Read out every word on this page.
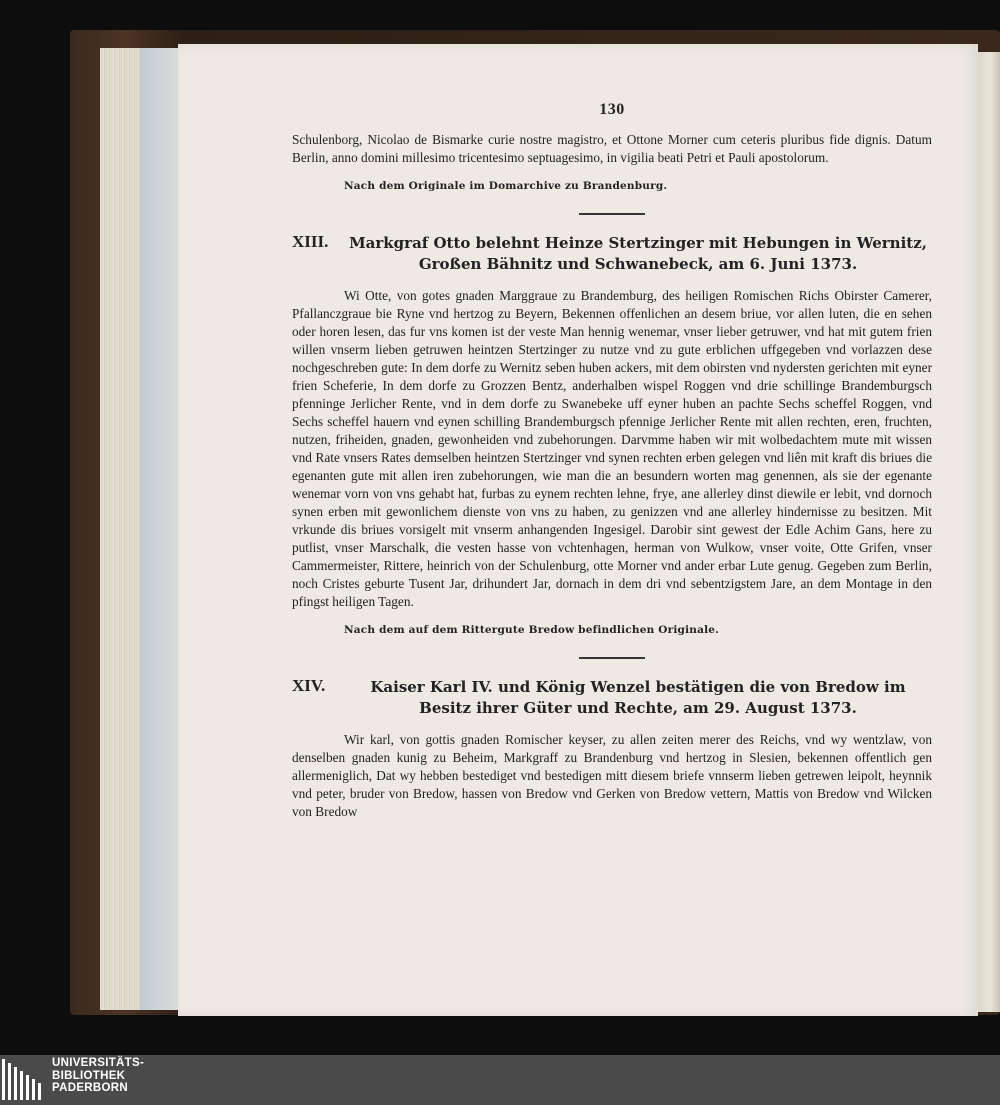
130

Schulenborg, Nicolao de Bismarke curie nostre magistro, et Ottone Morner cum ceteris pluribus fide dignis. Datum Berlin, anno domini millesimo tricentesimo septuagesimo, in vigilia beati Petri et Pauli apostolorum.

Nach dem Originale im Domarchive zu Brandenburg.
XIII.	Markgraf Otto belehnt Heinze Stertzinger mit Hebungen in Wernitz, Großen Bähnitz und Schwanebeck, am 6. Juni 1373.

Wi Otte, von gotes gnaden Marggraue zu Brandemburg, des heiligen Romischen Richs Obirster Camerer, Pfallanczgraue bie Ryne vnd hertzog zu Beyern, Bekennen offenlichen an desem briue, vor allen luten, die en sehen oder horen lesen, das fur vns komen ist der veste Man hennig wenemar, vnser lieber getruwer, vnd hat mit gutem frien willen vnserm lieben getruwen heintzen Stertzinger zu nutze vnd zu gute erblichen uffgegeben vnd vorlazzen dese nochgeschreben gute: In dem dorfe zu Wernitz seben huben ackers, mit dem obirsten vnd nydersten gerichten mit eyner frien Scheferie, In dem dorfe zu Grozzen Bentz, anderhalben wispel Roggen vnd drie schillinge Brandemburgsch pfenninge Jerlicher Rente, vnd in dem dorfe zu Swanebeke uff eyner huben an pachte Sechs scheffel Roggen, vnd Sechs scheffel hauern vnd eynen schilling Brandemburgsch pfennige Jerlicher Rente mit allen rechten, eren, fruchten, nutzen, friheiden, gnaden, gewonheiden vnd zubehorungen. Darvmme haben wir mit wolbedachtem mute mit wissen vnd Rate vnsers Rates demselben heintzen Stertzinger vnd synen rechten erben gelegen vnd liên mit kraft dis briues die egenanten gute mit allen iren zubehorungen, wie man die an besundern worten mag genennen, als sie der egenante wenemar vorn von vns gehabt hat, furbas zu eynem rechten lehne, frye, ane allerley dinst diewile er lebit, vnd dornoch synen erben mit gewonlichem dienste von vns zu haben, zu genizzen vnd ane allerley hindernisse zu besitzen. Mit vrkunde dis briues vorsigelt mit vnserm anhangenden Ingesigel. Darobir sint gewest der Edle Achim Gans, here zu putlist, vnser Marschalk, die vesten hasse von vchtenhagen, herman von Wulkow, vnser voite, Otte Grifen, vnser Cammermeister, Rittere, heinrich von der Schulenburg, otte Morner vnd ander erbar Lute genug. Gegeben zum Berlin, noch Cristes geburte Tusent Jar, drihundert Jar, dornach in dem dri vnd sebentzigstem Jare, an dem Montage in den pfingst heiligen Tagen.

Nach dem auf dem Rittergute Bredow befindlichen Originale.
XIV.	Kaiser Karl IV. und König Wenzel bestätigen die von Bredow im Besitz ihrer Güter und Rechte, am 29. August 1373.

Wir karl, von gottis gnaden Romischer keyser, zu allen zeiten merer des Reichs, vnd wy wentzlaw, von denselben gnaden kunig zu Beheim, Markgraff zu Brandenburg vnd hertzog in Slesien, bekennen offentlich gen allermeniglich, Dat wy hebben bestediget vnd bestedigen mitt diesem briefe vnnserm lieben getrewen leipolt, heynnik vnd peter, bruder von Bredow, hassen von Bredow vnd Gerken von Bredow vettern, Mattis von Bredow vnd Wilcken von Bredow

UNIVERSITÄTS-
BIBLIOTHEK
PADERBORN
